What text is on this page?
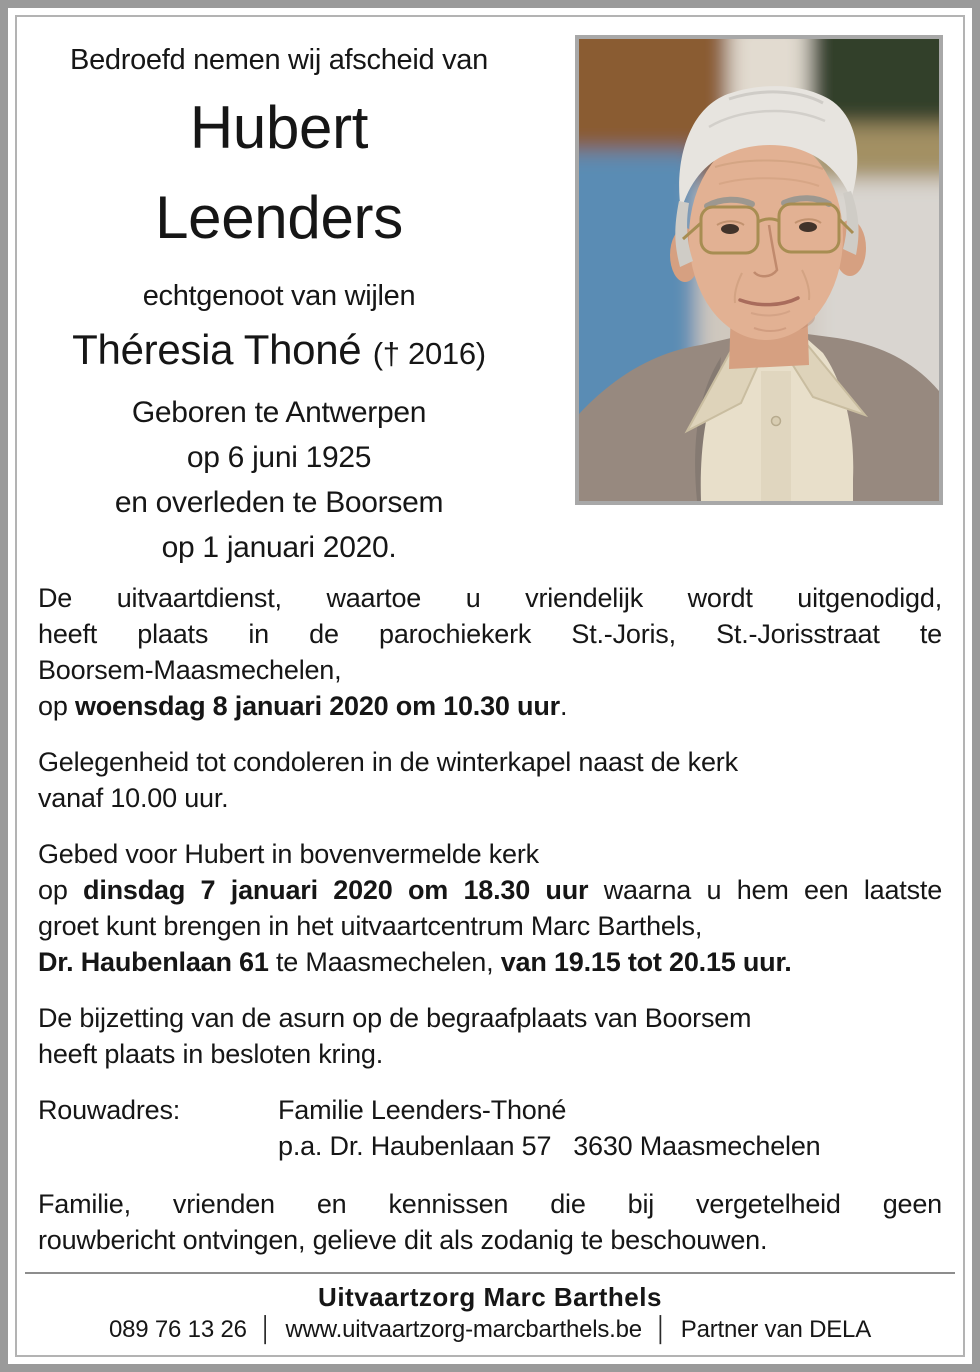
Bedroefd nemen wij afscheid van
Hubert
Leenders
echtgenoot van wijlen
Théresia Thoné († 2016)
Geboren te Antwerpen
op 6 juni 1925
en overleden te Boorsem
op 1 januari 2020.
De uitvaartdienst, waartoe u vriendelijk wordt uitgenodigd,
heeft plaats in de parochiekerk St.-Joris, St.-Jorisstraat te
Boorsem-Maasmechelen,
op woensdag 8 januari 2020 om 10.30 uur.
Gelegenheid tot condoleren in de winterkapel naast de kerk
vanaf 10.00 uur.
Gebed voor Hubert in bovenvermelde kerk
op dinsdag 7 januari 2020 om 18.30 uur waarna u hem een laatste
groet kunt brengen in het uitvaartcentrum Marc Barthels,
Dr. Haubenlaan 61 te Maasmechelen, van 19.15 tot 20.15 uur.
De bijzetting van de asurn op de begraafplaats van Boorsem
heeft plaats in besloten kring.
Rouwadres:	Familie Leenders-Thoné
p.a. Dr. Haubenlaan 57   3630 Maasmechelen
Familie, vrienden en kennissen die bij vergetelheid geen
rouwbericht ontvingen, gelieve dit als zodanig te beschouwen.
Uitvaartzorg Marc Barthels
089 76 13 26 │ www.uitvaartzorg-marcbarthels.be │ Partner van DELA
